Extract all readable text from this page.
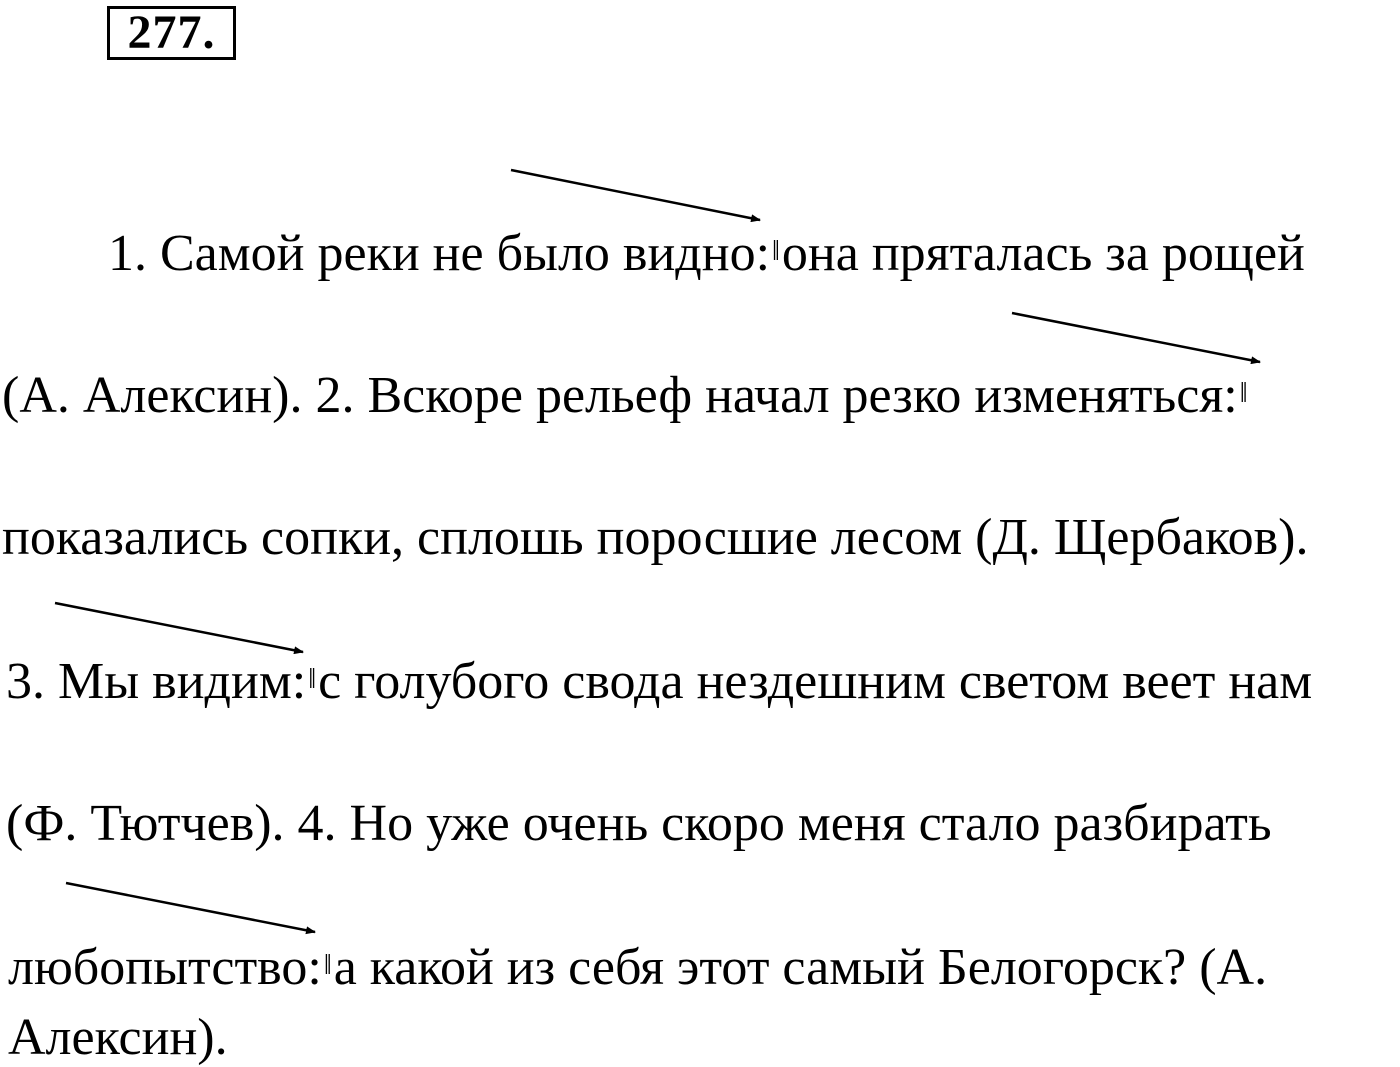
277.
1. Самой реки не было видно:‖она пряталась за рощей
(А. Алексин). 2. Вскоре рельеф начал резко изменяться:‖
показались сопки, сплошь поросшие лесом (Д. Щербаков).
3. Мы видим:‖с голубого свода нездешним светом веет нам
(Ф. Тютчев). 4. Но уже очень скоро меня стало разбирать
любопытство:‖а какой из себя этот самый Белогорск? (А.
Алексин).
